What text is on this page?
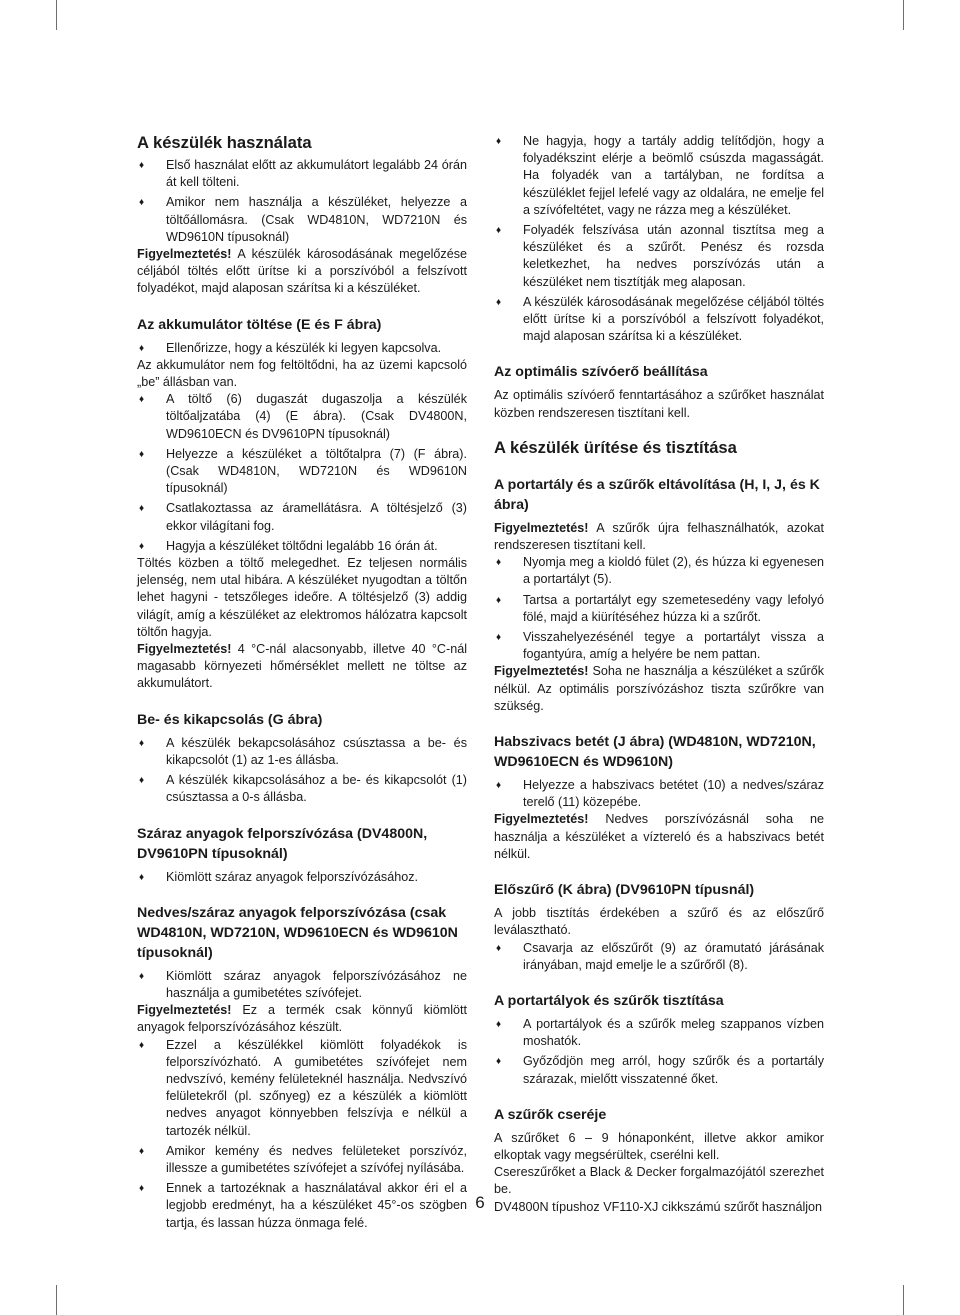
A készülék használata

♦ Első használat előtt az akkumulátort legalább 24 órán át kell tölteni.

♦ Amikor nem használja a készüléket, helyezze a töltőállomásra. (Csak WD4810N, WD7210N és WD9610N típusoknál)

Figyelmeztetés! A készülék károsodásának megelőzése céljából töltés előtt ürítse ki a porszívóból a felszívott folyadékot, majd alaposan szárítsa ki a készüléket.

Az akkumulátor töltése (E és F ábra)

♦ Ellenőrizze, hogy a készülék ki legyen kapcsolva.

Az akkumulátor nem fog feltöltődni, ha az üzemi kapcsoló „be” állásban van.

♦ A töltő (6) dugaszát dugaszolja a készülék töltőaljzatába (4) (E ábra). (Csak DV4800N, WD9610ECN és DV9610PN típusoknál)

♦ Helyezze a készüléket a töltőtalpra (7) (F ábra). (Csak WD4810N, WD7210N és WD9610N típusoknál)

♦ Csatlakoztassa az áramellátásra. A töltésjelző (3) ekkor világítani fog.

♦ Hagyja a készüléket töltődni legalább 16 órán át.

Töltés közben a töltő melegedhet. Ez teljesen normális jelenség, nem utal hibára. A készüléket nyugodtan a töltőn lehet hagyni - tetszőleges ideőre. A töltésjelző (3) addig világít, amíg a készüléket az elektromos hálózatra kapcsolt töltőn hagyja.

Figyelmeztetés! 4 °C-nál alacsonyabb, illetve 40 °C-nál magasabb környezeti hőmérséklet mellett ne töltse az akkumulátort.

Be- és kikapcsolás (G ábra)

♦ A készülék bekapcsolásához csúsztassa a be- és kikapcsolót (1) az 1-es állásba.

♦ A készülék kikapcsolásához a be- és kikapcsolót (1) csúsztassa a 0-s állásba.

Száraz anyagok felporszívózása (DV4800N, DV9610PN típusoknál)

♦ Kiömlött száraz anyagok felporszívózásához.

Nedves/száraz anyagok felporszívózása (csak WD4810N, WD7210N, WD9610ECN és WD9610N típusoknál)

♦ Kiömlött száraz anyagok felporszívózásához ne használja a gumibetétes szívófejet.

Figyelmeztetés! Ez a termék csak könnyű kiömlött anyagok felporszívózásához készült.

♦ Ezzel a készülékkel kiömlött folyadékok is felporszívózható. A gumibetétes szívófejet nem nedvszívó, kemény felületeknél használja. Nedvszívó felületekről (pl. szőnyeg) ez a készülék a kiömlött nedves anyagot könnyebben felszívja e nélkül a tartozék nélkül.

♦ Amikor kemény és nedves felületeket porszívóz, illessze a gumibetétes szívófejet a szívófej nyílásába.

♦ Ennek a tartozéknak a használatával akkor éri el a legjobb eredményt, ha a készüléket 45°-os szögben tartja, és lassan húzza önmaga felé.

♦ Ne hagyja, hogy a tartály addig telítődjön, hogy a folyadékszint elérje a beömlő csúszda magasságát. Ha folyadék van a tartályban, ne fordítsa a készüléklet fejjel lefelé vagy az oldalára, ne emelje fel a szívófeltétet, vagy ne rázza meg a készüléket.

♦ Folyadék felszívása után azonnal tisztítsa meg a készüléket és a szűrőt. Penész és rozsda keletkezhet, ha nedves porszívózás után a készüléket nem tisztítják meg alaposan.

♦ A készülék károsodásának megelőzése céljából töltés előtt ürítse ki a porszívóból a felszívott folyadékot, majd alaposan szárítsa ki a készüléket.

Az optimális szívóerő beállítása

Az optimális szívóerő fenntartásához a szűrőket használat közben rendszeresen tisztítani kell.

A készülék ürítése és tisztítása
A portartály és a szűrők eltávolítása (H, I, J, és K ábra)

Figyelmeztetés! A szűrők újra felhasználhatók, azokat rendszeresen tisztítani kell.

♦ Nyomja meg a kioldó fület (2), és húzza ki egyenesen a portartályt (5).

♦ Tartsa a portartályt egy szemetesedény vagy lefolyó fölé, majd a kiürítéséhez húzza ki a szűrőt.

♦ Visszahelyezésénél tegye a portartályt vissza a fogantyúra, amíg a helyére be nem pattan.

Figyelmeztetés! Soha ne használja a készüléket a szűrők nélkül. Az optimális porszívózáshoz tiszta szűrőkre van szükség.

Habszivacs betét (J ábra) (WD4810N, WD7210N, WD9610ECN és WD9610N)

♦ Helyezze a habszivacs betétet (10) a nedves/száraz terelő (11) közepébe.

Figyelmeztetés! Nedves porszívózásnál soha ne használja a készüléket a víztereló és a habszivacs betét nélkül.

Előszűrő (K ábra) (DV9610PN típusnál)

A jobb tisztítás érdekében a szűrő és az előszűrő leválasztható.

♦ Csavarja az előszűrőt (9) az óramutató járásának irányában, majd emelje le a szűrőről (8).

A portartályok és szűrők tisztítása

♦ A portartályok és a szűrők meleg szappanos vízben moshatók.

♦ Győződjön meg arról, hogy szűrők és a portartály szárazak, mielőtt visszatenné őket.

A szűrők cseréje

A szűrőket 6 – 9 hónaponként, illetve akkor amikor elkoptak vagy megsérültek, cserélni kell.

Csereszűrőket a Black & Decker forgalmazójától szerezhet be.

DV4800N típushoz VF110-XJ cikkszámú szűrőt használjon

6
